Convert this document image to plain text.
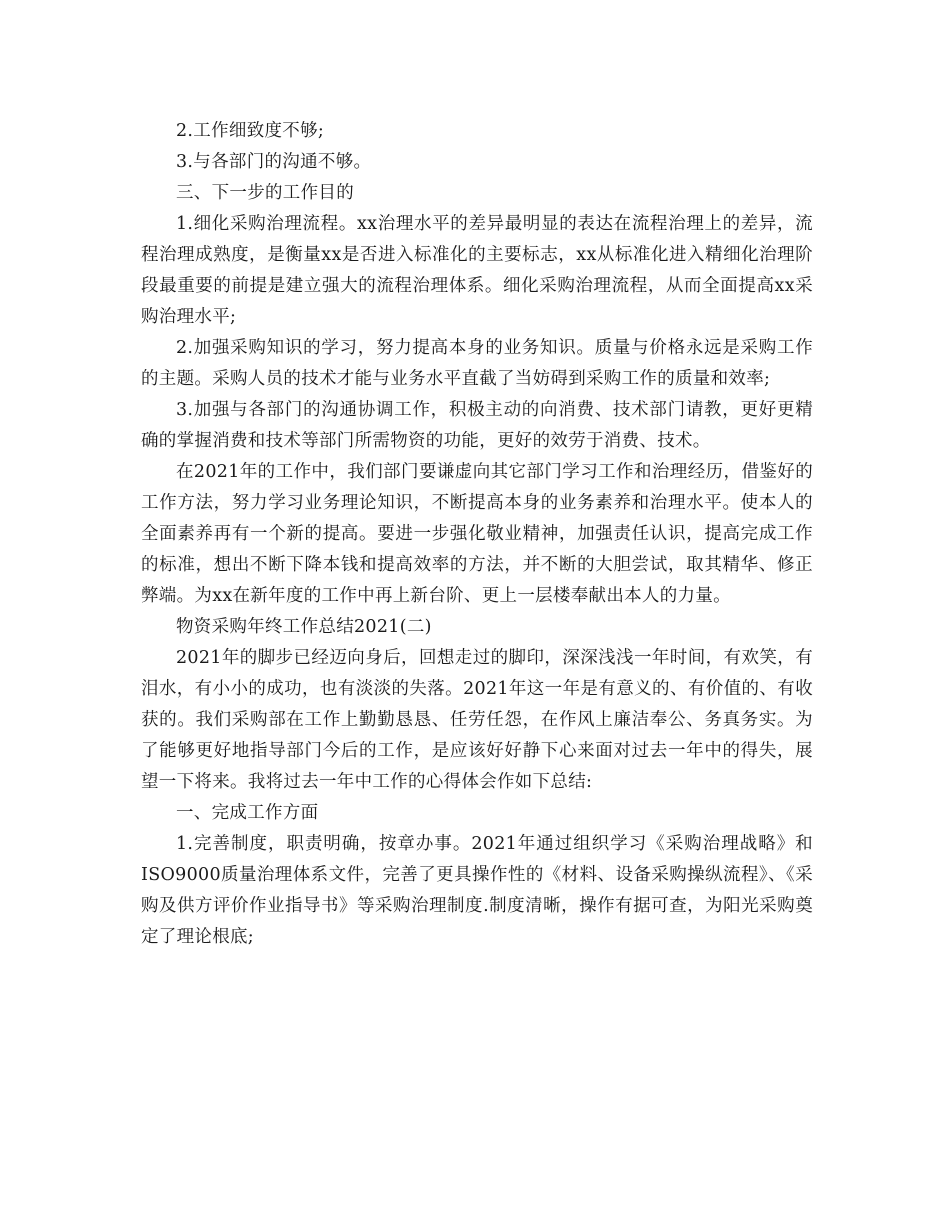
2.工作细致度不够;

3.与各部门的沟通不够。

三、下一步的工作目的

1.细化采购治理流程。xx治理水平的差异最明显的表达在流程治理上的差异，流程治理成熟度，是衡量xx是否进入标准化的主要标志，xx从标准化进入精细化治理阶段最重要的前提是建立强大的流程治理体系。细化采购治理流程，从而全面提高xx采购治理水平;

2.加强采购知识的学习，努力提高本身的业务知识。质量与价格永远是采购工作的主题。采购人员的技术才能与业务水平直截了当妨碍到采购工作的质量和效率;

3.加强与各部门的沟通协调工作，积极主动的向消费、技术部门请教，更好更精确的掌握消费和技术等部门所需物资的功能，更好的效劳于消费、技术。

在2021年的工作中，我们部门要谦虚向其它部门学习工作和治理经历，借鉴好的工作方法，努力学习业务理论知识，不断提高本身的业务素养和治理水平。使本人的全面素养再有一个新的提高。要进一步强化敬业精神，加强责任认识，提高完成工作的标准，想出不断下降本钱和提高效率的方法，并不断的大胆尝试，取其精华、修正弊端。为xx在新年度的工作中再上新台阶、更上一层楼奉献出本人的力量。

物资采购年终工作总结2021(二)

2021年的脚步已经迈向身后，回想走过的脚印，深深浅浅一年时间，有欢笑，有泪水，有小小的成功，也有淡淡的失落。2021年这一年是有意义的、有价值的、有收获的。我们采购部在工作上勤勤恳恳、任劳任怨，在作风上廉洁奉公、务真务实。为了能够更好地指导部门今后的工作，是应该好好静下心来面对过去一年中的得失，展望一下将来。我将过去一年中工作的心得体会作如下总结:

一、完成工作方面

1.完善制度，职责明确，按章办事。2021年通过组织学习《采购治理战略》和ISO9000质量治理体系文件，完善了更具操作性的《材料、设备采购操纵流程》、《采购及供方评价作业指导书》等采购治理制度.制度清晰，操作有据可查，为阳光采购奠定了理论根底;
